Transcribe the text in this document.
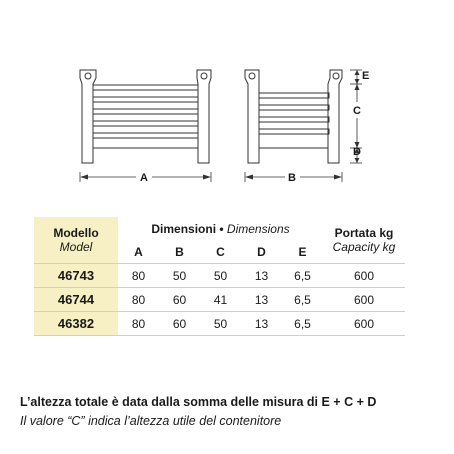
A	B
E
C
D
Modello
Model	Dimensioni • Dimensions					Portata kg
Capacity kg
	A	B	C	D	E	
46743	80	50	50	13	6,5	600
46744	80	60	41	13	6,5	600
46382	80	60	50	13	6,5	600
L’altezza totale è data dalla somma delle misura di E + C + D
Il valore “C” indica l’altezza utile del contenitore
